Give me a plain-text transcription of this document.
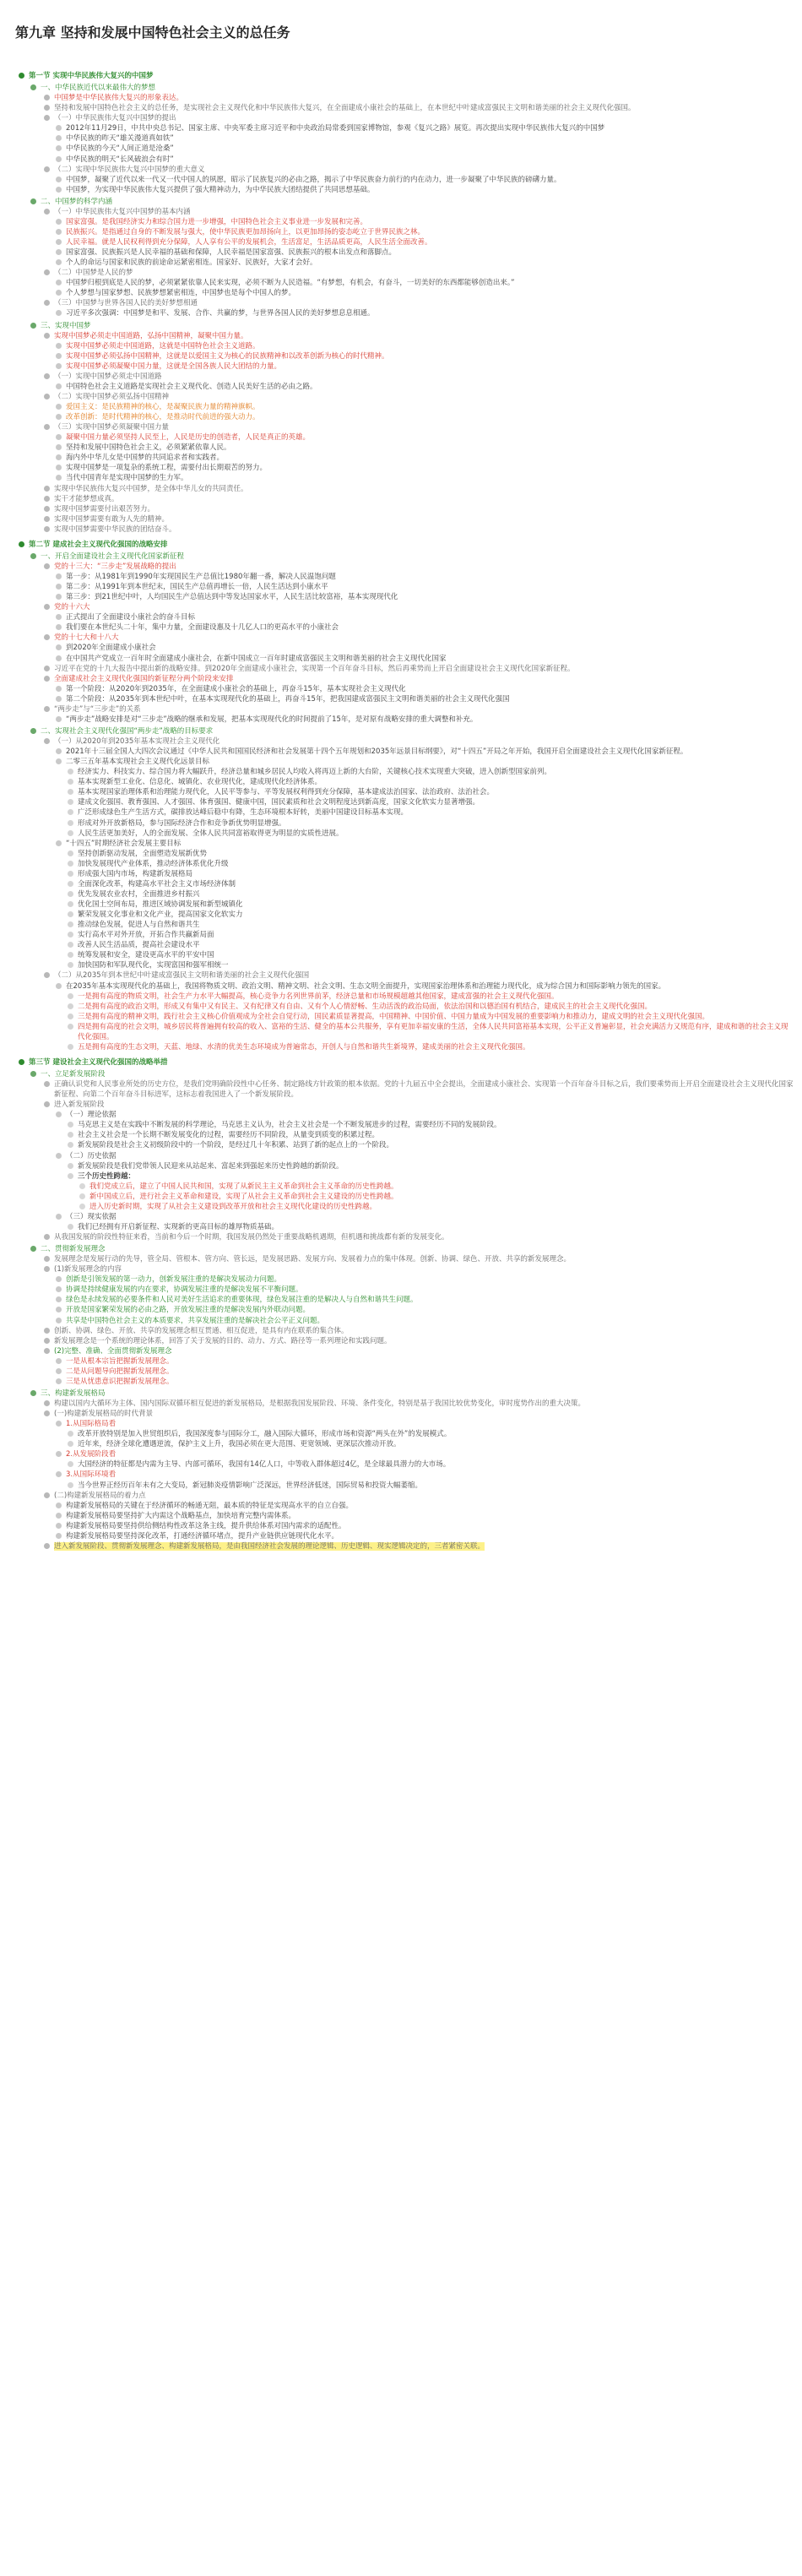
第九章 坚持和发展中国特色社会主义的总任务
第一节 实现中华民族伟大复兴的中国梦
一、中华民族近代以来最伟大的梦想
中国梦是中华民族伟大复兴的形象表达。
坚持和发展中国特色社会主义的总任务，是实现社会主义现代化和中华民族伟大复兴，在全面建成小康社会的基础上，在本世纪中叶建成富强民主文明和谐美丽的社会主义现代化强国。
（一）中华民族伟大复兴中国梦的提出
2012年11月29日，中共中央总书记、国家主席、中央军委主席习近平和中央政治局常委到国家博物馆，参观《复兴之路》展览。再次提出实现中华民族伟大复兴的中国梦
中华民族的昨天“雄关漫道真如铁”
中华民族的今天“人间正道是沧桑”
中华民族的明天“长风破浪会有时”
（二）实现中华民族伟大复兴中国梦的重大意义
中国梦，凝聚了近代以来一代又一代中国人的夙愿，昭示了民族复兴的必由之路，揭示了中华民族奋力前行的内在动力，进一步凝聚了中华民族的磅礴力量。
中国梦，为实现中华民族伟大复兴提供了强大精神动力，为中华民族大团结提供了共同思想基础。
二、中国梦的科学内涵
（一）中华民族伟大复兴中国梦的基本内涵
国家富强。是我国经济实力和综合国力进一步增强，中国特色社会主义事业进一步发展和完善。
民族振兴。是指通过自身的不断发展与强大，使中华民族更加昂扬向上，以更加昂扬的姿态屹立于世界民族之林。
人民幸福。就是人民权利得到充分保障，人人享有公平的发展机会，生活富足，生活品质更高，人民生活全面改善。
国家富强、民族振兴是人民幸福的基础和保障，人民幸福是国家富强、民族振兴的根本出发点和落脚点。
个人的命运与国家和民族的前途命运紧密相连。国家好、民族好，大家才会好。
（二）中国梦是人民的梦
中国梦归根到底是人民的梦，必须紧紧依靠人民来实现，必须不断为人民造福。“有梦想，有机会，有奋斗，一切美好的东西都能够创造出来。”
个人梦想与国家梦想、民族梦想紧密相连，中国梦也是每个中国人的梦。
（三）中国梦与世界各国人民的美好梦想相通
习近平多次强调：中国梦是和平、发展、合作、共赢的梦，与世界各国人民的美好梦想息息相通。
三、实现中国梦
实现中国梦必须走中国道路，弘扬中国精神，凝聚中国力量。
实现中国梦必须走中国道路，这就是中国特色社会主义道路。
实现中国梦必须弘扬中国精神，这就是以爱国主义为核心的民族精神和以改革创新为核心的时代精神。
实现中国梦必须凝聚中国力量，这就是全国各族人民大团结的力量。
（一）实现中国梦必须走中国道路
中国特色社会主义道路是实现社会主义现代化、创造人民美好生活的必由之路。
（二）实现中国梦必须弘扬中国精神
爱国主义：是民族精神的核心，是凝聚民族力量的精神旗帜。
改革创新：是时代精神的核心，是推动时代前进的强大动力。
（三）实现中国梦必须凝聚中国力量
凝聚中国力量必须坚持人民至上，人民是历史的创造者，人民是真正的英雄。
坚持和发展中国特色社会主义，必须紧紧依靠人民。
海内外中华儿女是中国梦的共同追求者和实践者。
实现中国梦是一项复杂的系统工程，需要付出长期艰苦的努力。
当代中国青年是实现中国梦的生力军。
实现中华民族伟大复兴中国梦，是全体中华儿女的共同责任。
实干才能梦想成真。
实现中国梦需要付出艰苦努力。
实现中国梦需要有敢为人先的精神。
实现中国梦需要中华民族的团结奋斗。
第二节 建成社会主义现代化强国的战略安排
一、开启全面建设社会主义现代化国家新征程
党的十三大：“三步走”发展战略的提出
第一步：从1981年到1990年实现国民生产总值比1980年翻一番，解决人民温饱问题
第二步：从1991年到本世纪末，国民生产总值再增长一倍，人民生活达到小康水平
第三步：到21世纪中叶，人均国民生产总值达到中等发达国家水平，人民生活比较富裕，基本实现现代化
党的十六大
正式提出了全面建设小康社会的奋斗目标
我们要在本世纪头二十年，集中力量，全面建设惠及十几亿人口的更高水平的小康社会
党的十七大和十八大
到2020年全面建成小康社会
在中国共产党成立一百年时全面建成小康社会，在新中国成立一百年时建成富强民主文明和谐美丽的社会主义现代化国家
习近平在党的十九大报告中提出新的战略安排。到2020年全面建成小康社会，实现第一个百年奋斗目标，然后再乘势而上开启全面建设社会主义现代化国家新征程。
全面建成社会主义现代化强国的新征程分两个阶段来安排
第一个阶段：从2020年到2035年，在全面建成小康社会的基础上，再奋斗15年，基本实现社会主义现代化
第二个阶段：从2035年到本世纪中叶，在基本实现现代化的基础上，再奋斗15年，把我国建成富强民主文明和谐美丽的社会主义现代化强国
“两步走”与“三步走”的关系
“两步走”战略安排是对“三步走”战略的继承和发展，把基本实现现代化的时间提前了15年，是对原有战略安排的重大调整和补充。
二、实现社会主义现代化强国“两步走”战略的目标要求
（一）从2020年到2035年基本实现社会主义现代化
2021年十三届全国人大四次会议通过《中华人民共和国国民经济和社会发展第十四个五年规划和2035年远景目标纲要》，对“十四五”开局之年开始，我国开启全面建设社会主义现代化国家新征程。
二零三五年基本实现社会主义现代化远景目标
经济实力、科技实力、综合国力将大幅跃升，经济总量和城乡居民人均收入将再迈上新的大台阶，关键核心技术实现重大突破，进入创新型国家前列。
基本实现新型工业化、信息化、城镇化、农业现代化，建成现代化经济体系。
基本实现国家治理体系和治理能力现代化，人民平等参与、平等发展权利得到充分保障，基本建成法治国家、法治政府、法治社会。
建成文化强国、教育强国、人才强国、体育强国、健康中国，国民素质和社会文明程度达到新高度，国家文化软实力显著增强。
广泛形成绿色生产生活方式，碳排放达峰后稳中有降，生态环境根本好转，美丽中国建设目标基本实现。
形成对外开放新格局，参与国际经济合作和竞争新优势明显增强。
人民生活更加美好，人的全面发展、全体人民共同富裕取得更为明显的实质性进展。
“十四五”时期经济社会发展主要目标
坚持创新驱动发展，全面塑造发展新优势
加快发展现代产业体系，推动经济体系优化升级
形成强大国内市场，构建新发展格局
全面深化改革，构建高水平社会主义市场经济体制
优先发展农业农村，全面推进乡村振兴
优化国土空间布局，推进区域协调发展和新型城镇化
繁荣发展文化事业和文化产业，提高国家文化软实力
推动绿色发展，促进人与自然和谐共生
实行高水平对外开放，开拓合作共赢新局面
改善人民生活品质，提高社会建设水平
统筹发展和安全，建设更高水平的平安中国
加快国防和军队现代化，实现富国和强军相统一
（二）从2035年到本世纪中叶建成富强民主文明和谐美丽的社会主义现代化强国
在2035年基本实现现代化的基础上，我国将物质文明、政治文明、精神文明、社会文明、生态文明全面提升，实现国家治理体系和治理能力现代化，成为综合国力和国际影响力领先的国家。
一是拥有高度的物质文明，社会生产力水平大幅提高，核心竞争力名列世界前茅，经济总量和市场规模超越其他国家，建成富强的社会主义现代化强国。
二是拥有高度的政治文明，形成又有集中又有民主、又有纪律又有自由、又有个人心情舒畅、生动活泼的政治局面，依法治国和以德治国有机结合，建成民主的社会主义现代化强国。
三是拥有高度的精神文明，践行社会主义核心价值观成为全社会自觉行动，国民素质显著提高，中国精神、中国价值、中国力量成为中国发展的重要影响力和推动力，建成文明的社会主义现代化强国。
四是拥有高度的社会文明，城乡居民将普遍拥有较高的收入、富裕的生活、健全的基本公共服务，享有更加幸福安康的生活，全体人民共同富裕基本实现，公平正义普遍彰显，社会充满活力又规范有序，建成和谐的社会主义现代化强国。
五是拥有高度的生态文明，天蓝、地绿、水清的优美生态环境成为普遍常态，开创人与自然和谐共生新境界，建成美丽的社会主义现代化强国。
第三节 建设社会主义现代化强国的战略举措
一、立足新发展阶段
正确认识党和人民事业所处的历史方位，是我们党明确阶段性中心任务、制定路线方针政策的根本依据。党的十九届五中全会提出，全面建成小康社会、实现第一个百年奋斗目标之后，我们要乘势而上开启全面建设社会主义现代化国家新征程、向第二个百年奋斗目标进军，这标志着我国进入了一个新发展阶段。
进入新发展阶段
（一）理论依据
马克思主义是在实践中不断发展的科学理论，马克思主义认为，社会主义社会是一个不断发展进步的过程，需要经历不同的发展阶段。
社会主义社会是一个长期不断发展变化的过程，需要经历不同阶段，从量变到质变的积累过程。
新发展阶段是社会主义初级阶段中的一个阶段，是经过几十年积累、站到了新的起点上的一个阶段。
（二）历史依据
新发展阶段是我们党带领人民迎来从站起来、富起来到强起来历史性跨越的新阶段。
三个历史性跨越：
我们党成立后，建立了中国人民共和国，实现了从新民主主义革命到社会主义革命的历史性跨越。
新中国成立后，进行社会主义革命和建设，实现了从社会主义革命到社会主义建设的历史性跨越。
进入历史新时期，实现了从社会主义建设到改革开放和社会主义现代化建设的历史性跨越。
（三）现实依据
我们已经拥有开启新征程、实现新的更高目标的雄厚物质基础。
从我国发展的阶段性特征来看，当前和今后一个时期，我国发展仍然处于重要战略机遇期，但机遇和挑战都有新的发展变化。
二、贯彻新发展理念
发展理念是发展行动的先导，管全局、管根本、管方向、管长远，是发展思路、发展方向、发展着力点的集中体现。创新、协调、绿色、开放、共享的新发展理念。
(1)新发展理念的内容
创新是引领发展的第一动力，创新发展注重的是解决发展动力问题。
协调是持续健康发展的内在要求，协调发展注重的是解决发展不平衡问题。
绿色是永续发展的必要条件和人民对美好生活追求的重要体现，绿色发展注重的是解决人与自然和谐共生问题。
开放是国家繁荣发展的必由之路，开放发展注重的是解决发展内外联动问题。
共享是中国特色社会主义的本质要求，共享发展注重的是解决社会公平正义问题。
创新、协调、绿色、开放、共享的发展理念相互贯通、相互促进，是具有内在联系的集合体。
新发展理念是一个系统的理论体系，回答了关于发展的目的、动力、方式、路径等一系列理论和实践问题。
(2)完整、准确、全面贯彻新发展理念
一是从根本宗旨把握新发展理念。
二是从问题导向把握新发展理念。
三是从忧患意识把握新发展理念。
三、构建新发展格局
构建以国内大循环为主体、国内国际双循环相互促进的新发展格局，是根据我国发展阶段、环境、条件变化，特别是基于我国比较优势变化，审时度势作出的重大决策。
(一)构建新发展格局的时代背景
1.从国际格局看
改革开放特别是加入世贸组织后，我国深度参与国际分工，融入国际大循环，形成市场和资源“两头在外”的发展模式。
近年来，经济全球化遭遇逆流，保护主义上升，我国必须在更大范围、更宽领域、更深层次推动开放。
2.从发展阶段看
大国经济的特征都是内需为主导、内部可循环，我国有14亿人口，中等收入群体超过4亿，是全球最具潜力的大市场。
3.从国际环境看
当今世界正经历百年未有之大变局，新冠肺炎疫情影响广泛深远，世界经济低迷，国际贸易和投资大幅萎缩。
(二)构建新发展格局的着力点
构建新发展格局的关键在于经济循环的畅通无阻，最本质的特征是实现高水平的自立自强。
构建新发展格局要坚持扩大内需这个战略基点，加快培育完整内需体系。
构建新发展格局要坚持供给侧结构性改革这条主线，提升供给体系对国内需求的适配性。
构建新发展格局要坚持深化改革，打通经济循环堵点，提升产业链供应链现代化水平。
进入新发展阶段、贯彻新发展理念、构建新发展格局，是由我国经济社会发展的理论逻辑、历史逻辑、现实逻辑决定的，三者紧密关联。
